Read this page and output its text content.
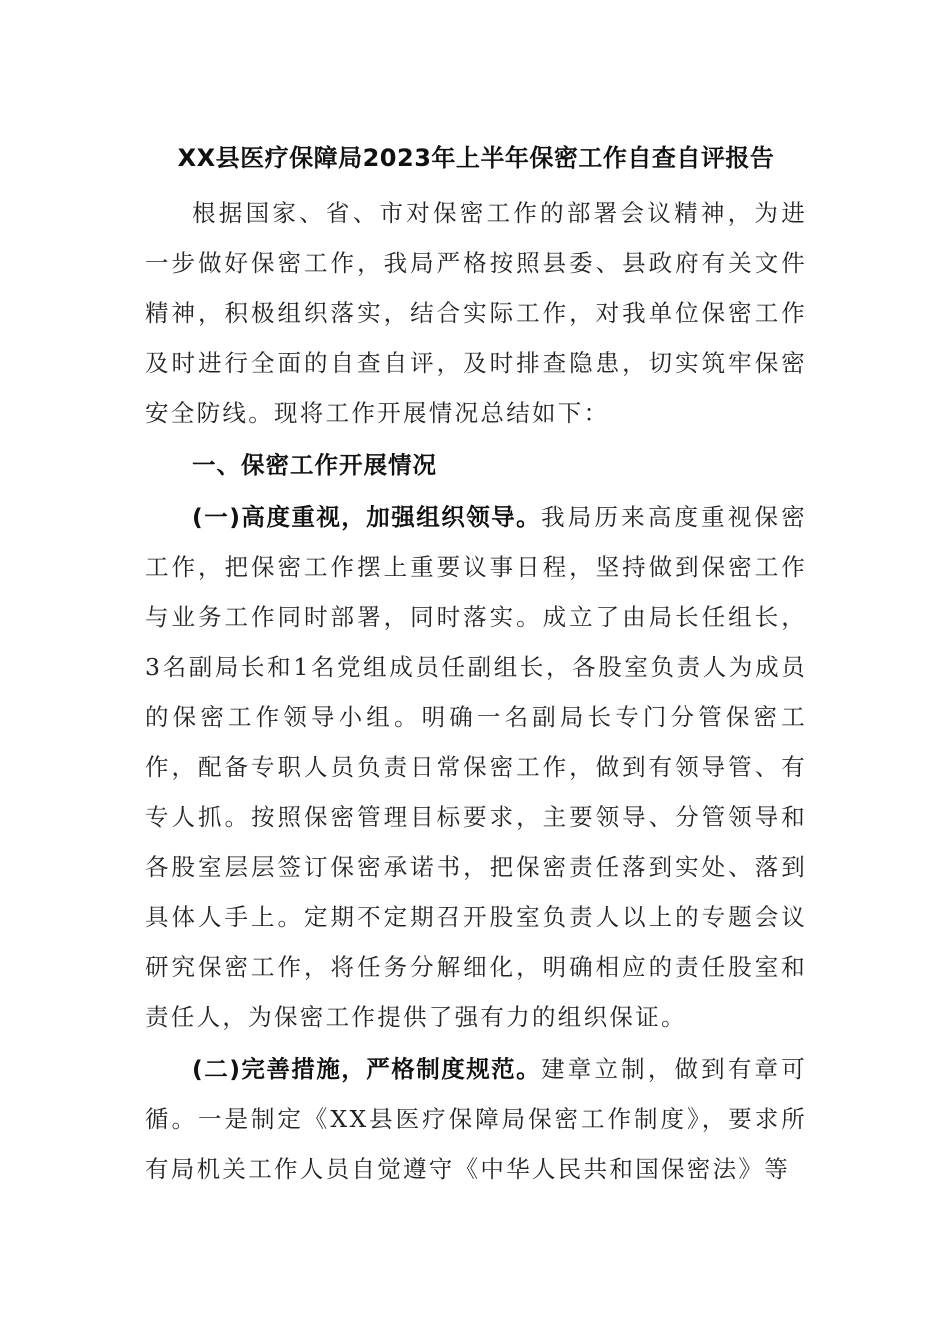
XX县医疗保障局2023年上半年保密工作自查自评报告

根据国家、省、市对保密工作的部署会议精神，为进一步做好保密工作，我局严格按照县委、县政府有关文件精神，积极组织落实，结合实际工作，对我单位保密工作及时进行全面的自查自评，及时排查隐患，切实筑牢保密安全防线。现将工作开展情况总结如下：

一、保密工作开展情况

(一)高度重视，加强组织领导。我局历来高度重视保密工作，把保密工作摆上重要议事日程，坚持做到保密工作与业务工作同时部署，同时落实。成立了由局长任组长，3名副局长和1名党组成员任副组长，各股室负责人为成员的保密工作领导小组。明确一名副局长专门分管保密工作，配备专职人员负责日常保密工作，做到有领导管、有专人抓。按照保密管理目标要求，主要领导、分管领导和各股室层层签订保密承诺书，把保密责任落到实处、落到具体人手上。定期不定期召开股室负责人以上的专题会议研究保密工作，将任务分解细化，明确相应的责任股室和责任人，为保密工作提供了强有力的组织保证。

(二)完善措施，严格制度规范。建章立制，做到有章可循。一是制定《XX县医疗保障局保密工作制度》，要求所有局机关工作人员自觉遵守《中华人民共和国保密法》等
